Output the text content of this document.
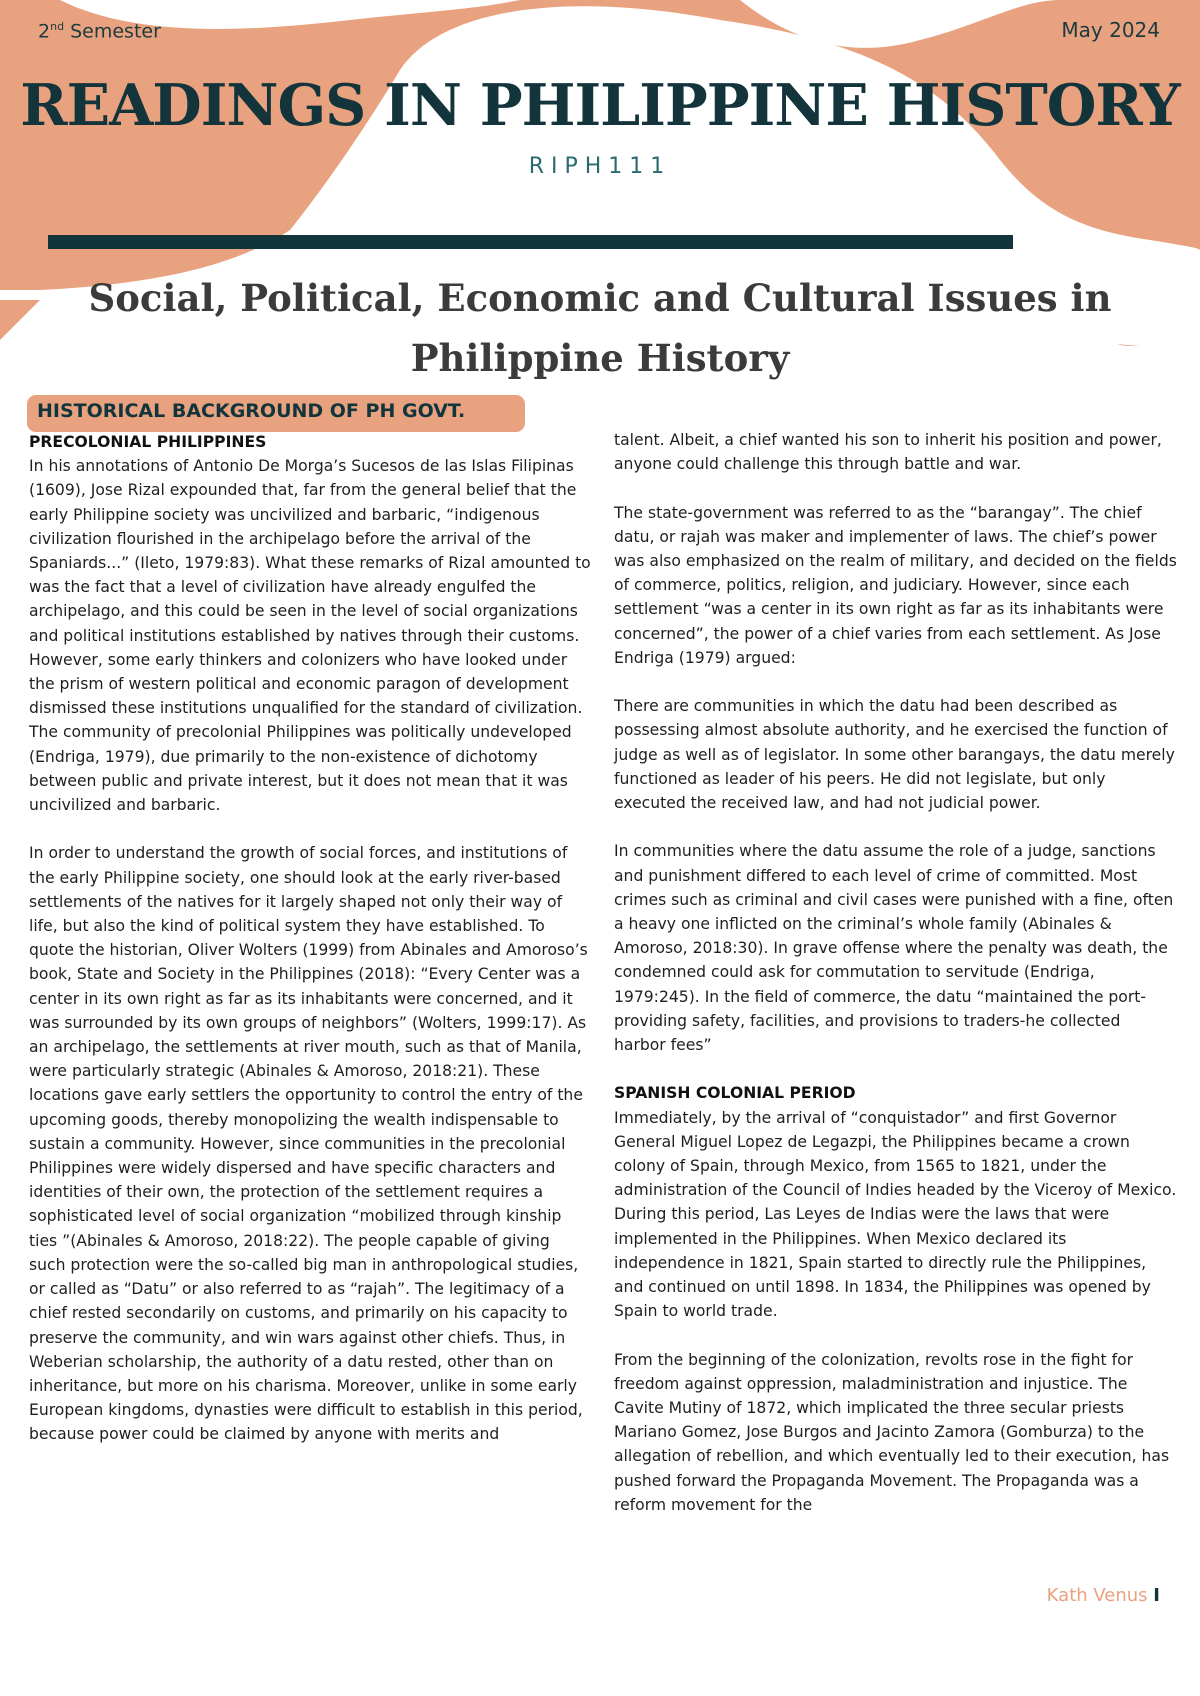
2nd Semester	May 2024
READINGS IN PHILIPPINE HISTORY
RIPH111
Social, Political, Economic and Cultural Issues in
Philippine History
HISTORICAL BACKGROUND OF PH GOVT.
PRECOLONIAL PHILIPPINES

In his annotations of Antonio De Morga’s Sucesos de las Islas Filipinas (1609), Jose Rizal expounded that, far from the general belief that the early Philippine society was uncivilized and barbaric, “indigenous civilization flourished in the archipelago before the arrival of the Spaniards...” (Ileto, 1979:83). What these remarks of Rizal amounted to was the fact that a level of civilization have already engulfed the archipelago, and this could be seen in the level of social organizations and political institutions established by natives through their customs. However, some early thinkers and colonizers who have looked under the prism of western political and economic paragon of development dismissed these institutions unqualified for the standard of civilization. The community of precolonial Philippines was politically undeveloped (Endriga, 1979), due primarily to the non-existence of dichotomy between public and private interest, but it does not mean that it was uncivilized and barbaric.

In order to understand the growth of social forces, and institutions of the early Philippine society, one should look at the early river-based settlements of the natives for it largely shaped not only their way of life, but also the kind of political system they have established. To quote the historian, Oliver Wolters (1999) from Abinales and Amoroso’s book, State and Society in the Philippines (2018): “Every Center was a center in its own right as far as its inhabitants were concerned, and it was surrounded by its own groups of neighbors” (Wolters, 1999:17). As an archipelago, the settlements at river mouth, such as that of Manila, were particularly strategic (Abinales & Amoroso, 2018:21). These locations gave early settlers the opportunity to control the entry of the upcoming goods, thereby monopolizing the wealth indispensable to sustain a community. However, since communities in the precolonial Philippines were widely dispersed and have specific characters and identities of their own, the protection of the settlement requires a sophisticated level of social organization “mobilized through kinship ties ”(Abinales & Amoroso, 2018:22). The people capable of giving such protection were the so-called big man in anthropological studies, or called as “Datu” or also referred to as “rajah”. The legitimacy of a chief rested secondarily on customs, and primarily on his capacity to preserve the community, and win wars against other chiefs. Thus, in Weberian scholarship, the authority of a datu rested, other than on inheritance, but more on his charisma. Moreover, unlike in some early European kingdoms, dynasties were difficult to establish in this period, because power could be claimed by anyone with merits and

talent. Albeit, a chief wanted his son to inherit his position and power, anyone could challenge this through battle and war.

The state-government was referred to as the “barangay”. The chief datu, or rajah was maker and implementer of laws. The chief’s power was also emphasized on the realm of military, and decided on the fields of commerce, politics, religion, and judiciary. However, since each settlement “was a center in its own right as far as its inhabitants were concerned”, the power of a chief varies from each settlement. As Jose Endriga (1979) argued:

There are communities in which the datu had been described as possessing almost absolute authority, and he exercised the function of judge as well as of legislator. In some other barangays, the datu merely functioned as leader of his peers. He did not legislate, but only executed the received law, and had not judicial power.

In communities where the datu assume the role of a judge, sanctions and punishment differed to each level of crime of committed. Most crimes such as criminal and civil cases were punished with a fine, often a heavy one inflicted on the criminal’s whole family (Abinales & Amoroso, 2018:30). In grave offense where the penalty was death, the condemned could ask for commutation to servitude (Endriga, 1979:245). In the field of commerce, the datu “maintained the port-providing safety, facilities, and provisions to traders-he collected harbor fees”

SPANISH COLONIAL PERIOD

Immediately, by the arrival of “conquistador” and first Governor General Miguel Lopez de Legazpi, the Philippines became a crown colony of Spain, through Mexico, from 1565 to 1821, under the administration of the Council of Indies headed by the Viceroy of Mexico. During this period, Las Leyes de Indias were the laws that were implemented in the Philippines. When Mexico declared its independence in 1821, Spain started to directly rule the Philippines, and continued on until 1898. In 1834, the Philippines was opened by Spain to world trade.

From the beginning of the colonization, revolts rose in the fight for freedom against oppression, maladministration and injustice. The Cavite Mutiny of 1872, which implicated the three secular priests Mariano Gomez, Jose Burgos and Jacinto Zamora (Gomburza) to the allegation of rebellion, and which eventually led to their execution, has pushed forward the Propaganda Movement. The Propaganda was a reform movement for the

Kath Venus I
